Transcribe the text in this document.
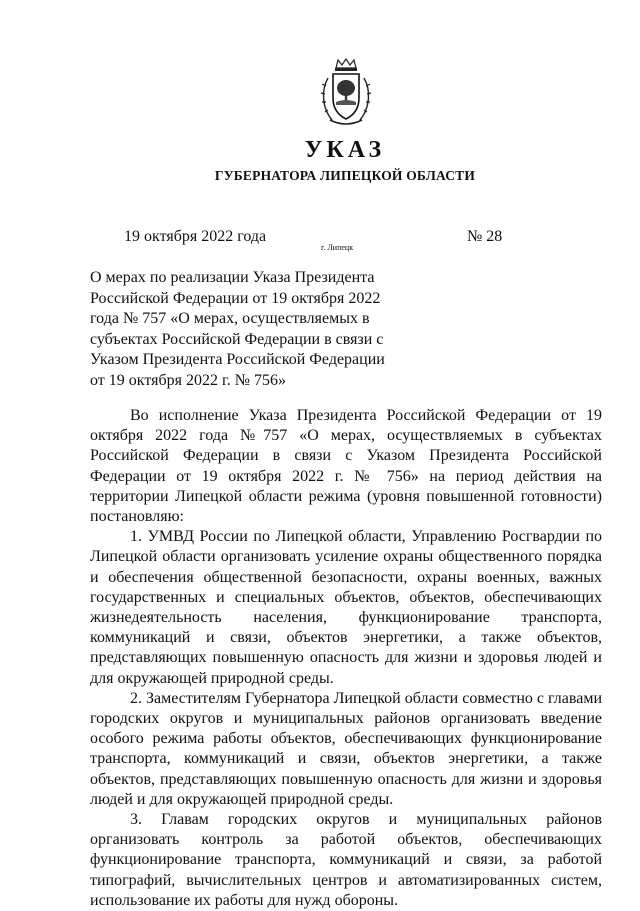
УКАЗ
ГУБЕРНАТОРА ЛИПЕЦКОЙ ОБЛАСТИ
19 октября 2022 года
г. Липецк
№ 28
О мерах по реализации Указа Президента
Российской Федерации от 19 октября 2022
года № 757 «О мерах, осуществляемых в
субъектах Российской Федерации в связи с
Указом Президента Российской Федерации
от 19 октября 2022 г. № 756»

Во исполнение Указа Президента Российской Федерации от 19 октября 2022 года №757 «О мерах, осуществляемых в субъектах Российской Федерации в связи с Указом Президента Российской Федерации от 19 октября 2022 г. № 756» на период действия на территории Липецкой области режима (уровня повышенной готовности) постановляю:

1. УМВД России по Липецкой области, Управлению Росгвардии по Липецкой области организовать усиление охраны общественного порядка и обеспечения общественной безопасности, охраны военных, важных государственных и специальных объектов, объектов, обеспечивающих жизнедеятельность населения, функционирование транспорта, коммуникаций и связи, объектов энергетики, а также объектов, представляющих повышенную опасность для жизни и здоровья людей и для окружающей природной среды.

2. Заместителям Губернатора Липецкой области совместно с главами городских округов и муниципальных районов организовать введение особого режима работы объектов, обеспечивающих функционирование транспорта, коммуникаций и связи, объектов энергетики, а также объектов, представляющих повышенную опасность для жизни и здоровья людей и для окружающей природной среды.

3. Главам городских округов и муниципальных районов организовать контроль за работой объектов, обеспечивающих функционирование транспорта, коммуникаций и связи, за работой типографий, вычислительных центров и автоматизированных систем, использование их работы для нужд обороны.
